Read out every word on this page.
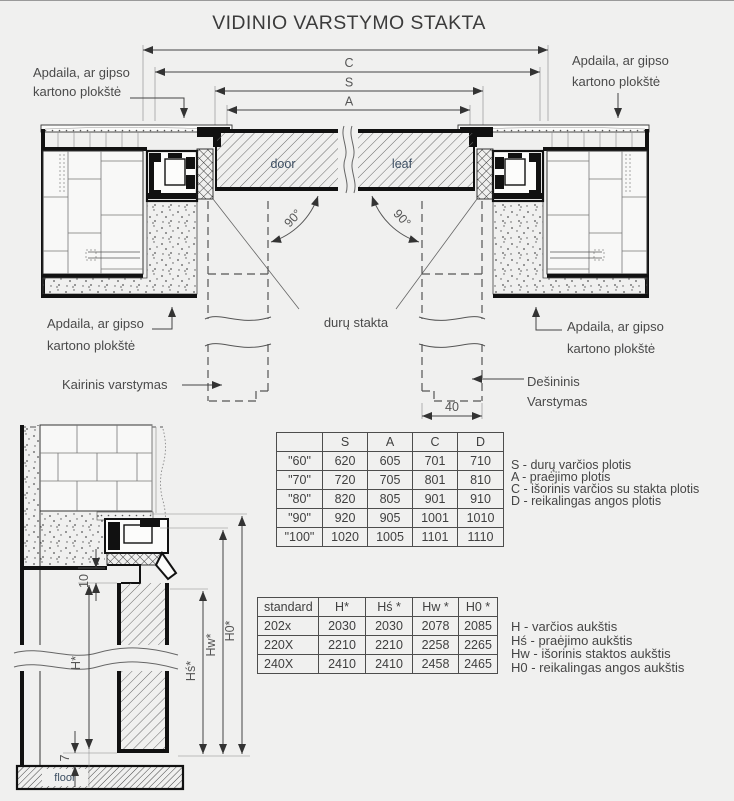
VIDINIO VARSTYMO STAKTA
C
S
A
door	leaf
90°	90°
40
Apdaila, ar gipso
kartono plokštė
Apdaila, ar gipso
kartono plokštė
Apdaila, ar gipso
kartono plokštė
Apdaila, ar gipso
kartono plokštė
durų stakta
Kairinis varstymas	Dešininis
Varstymas
floor
10
7
H*	Hś*
Hw*
H0*
	S	A	C	D
"60"	620	605	701	710
"70"	720	705	801	810
"80"	820	805	901	910
"90"	920	905	1001	1010
"100"	1020	1005	1101	1110
S - durų varčios plotis
A - praėjimo plotis
C - išorinis varčios su stakta plotis
D - reikalingas angos plotis
standard	H*	Hś *	Hw *	H0 *
202x	2030	2030	2078	2085
220X	2210	2210	2258	2265
240X	2410	2410	2458	2465
H - varčios aukštis
Hś - praėjimo aukštis
Hw - išorinis staktos aukštis
H0 - reikalingas angos aukštis
